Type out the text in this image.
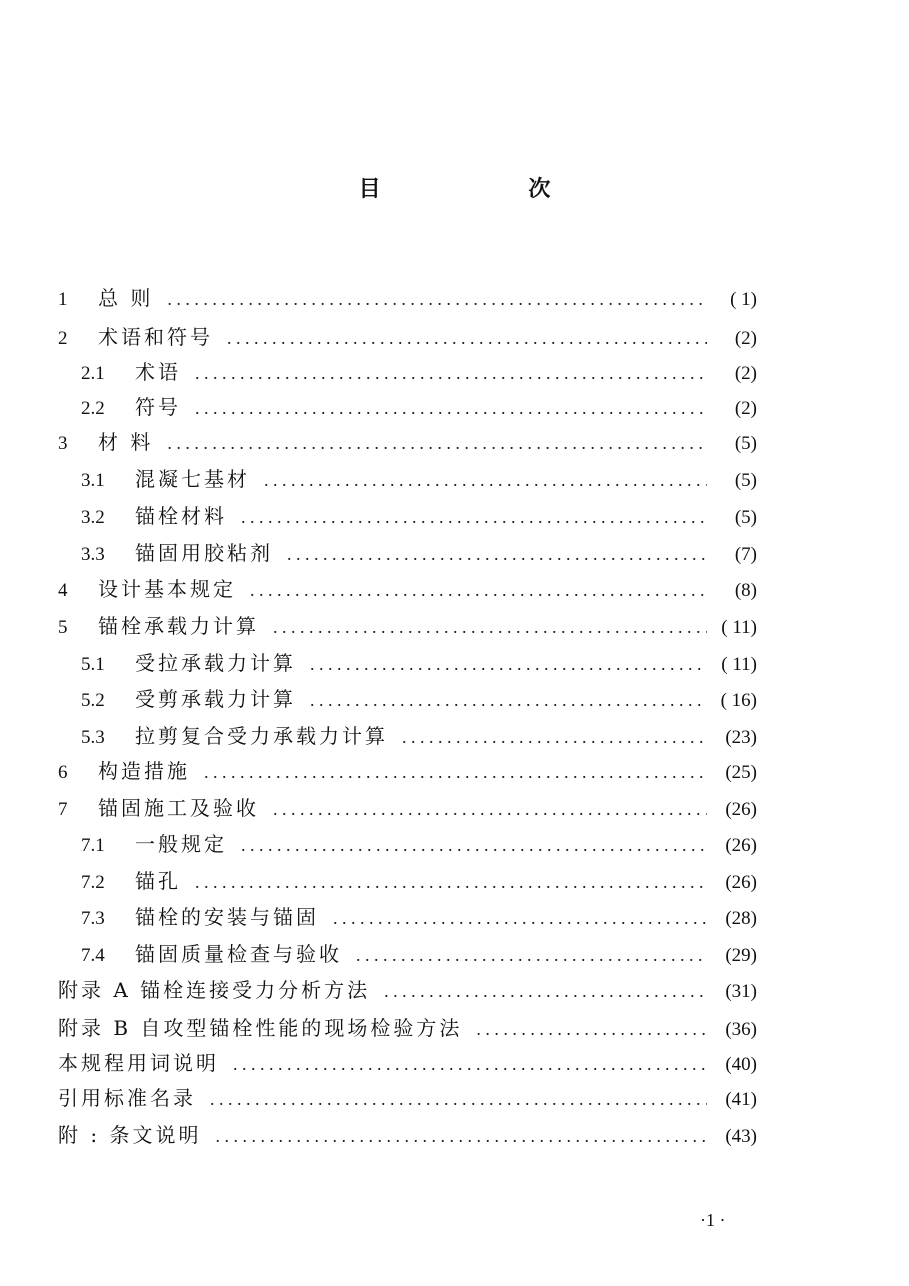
目 次
1	总 则 . . .	( 1)
2	术语和符号 . . .	(2)
2.1	术语 . . .	(2)
2.2	符号 . . .	(2)
3	材 料 . . .	(5)
3.1	混凝七基材 . . .	(5)
3.2	锚栓材料 . . .	(5)
3.3	锚固用胶粘剂 . . .	(7)
4	设计基本规定 . . .	(8)
5	锚栓承载力计算 . . .	( 11)
5.1	受拉承载力计算 . . .	( 11)
5.2	受剪承载力计算 . . .	( 16)
5.3	拉剪复合受力承载力计算 . . .	(23)
6	构造措施 . . .	(25)
7	锚固施工及验收 . . .	(26)
7.1	一般规定 . . .	(26)
7.2	锚孔 . . .	(26)
7.3	锚栓的安装与锚固 . . .	(28)
7.4	锚固质量检查与验收 . . .	(29)
附录 A 锚栓连接受力分析方法 . . .	(31)
附录 B 自攻型锚栓性能的现场检验方法 . . .	(36)
本规程用词说明 . . .	(40)
引用标准名录 . . .	(41)
附 : 条文说明 . . .	(43)
·1 ·
